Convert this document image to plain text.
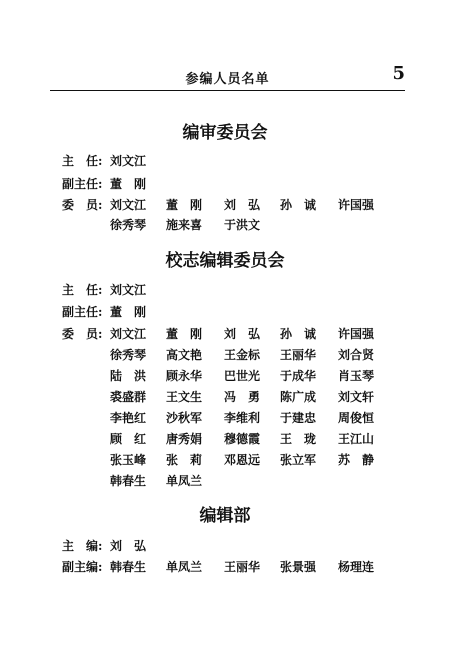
参编人员名单	5
编审委员会
主　任: 刘文江
副主任: 董　刚
委　员: 刘文江	董　刚	刘　弘	孙　诚	许国强
徐秀琴	施来喜	于洪文
校志编辑委员会
主　任: 刘文江
副主任: 董　刚
委　员: 刘文江	董　刚	刘　弘	孙　诚	许国强
徐秀琴	高文艳	王金标	王丽华	刘合贤
陆　洪	顾永华	巴世光	于成华	肖玉琴
裘盛群	王文生	冯　勇	陈广成	刘文轩
李艳红	沙秋军	李维利	于建忠	周俊恒
顾　红	唐秀娟	穆德霞	王　珑	王江山
张玉峰	张　莉	邓恩远	张立军	苏　静
韩春生	单凤兰
编辑部
主　编: 刘　弘
副主编: 韩春生	单凤兰	王丽华	张景强	杨理连
